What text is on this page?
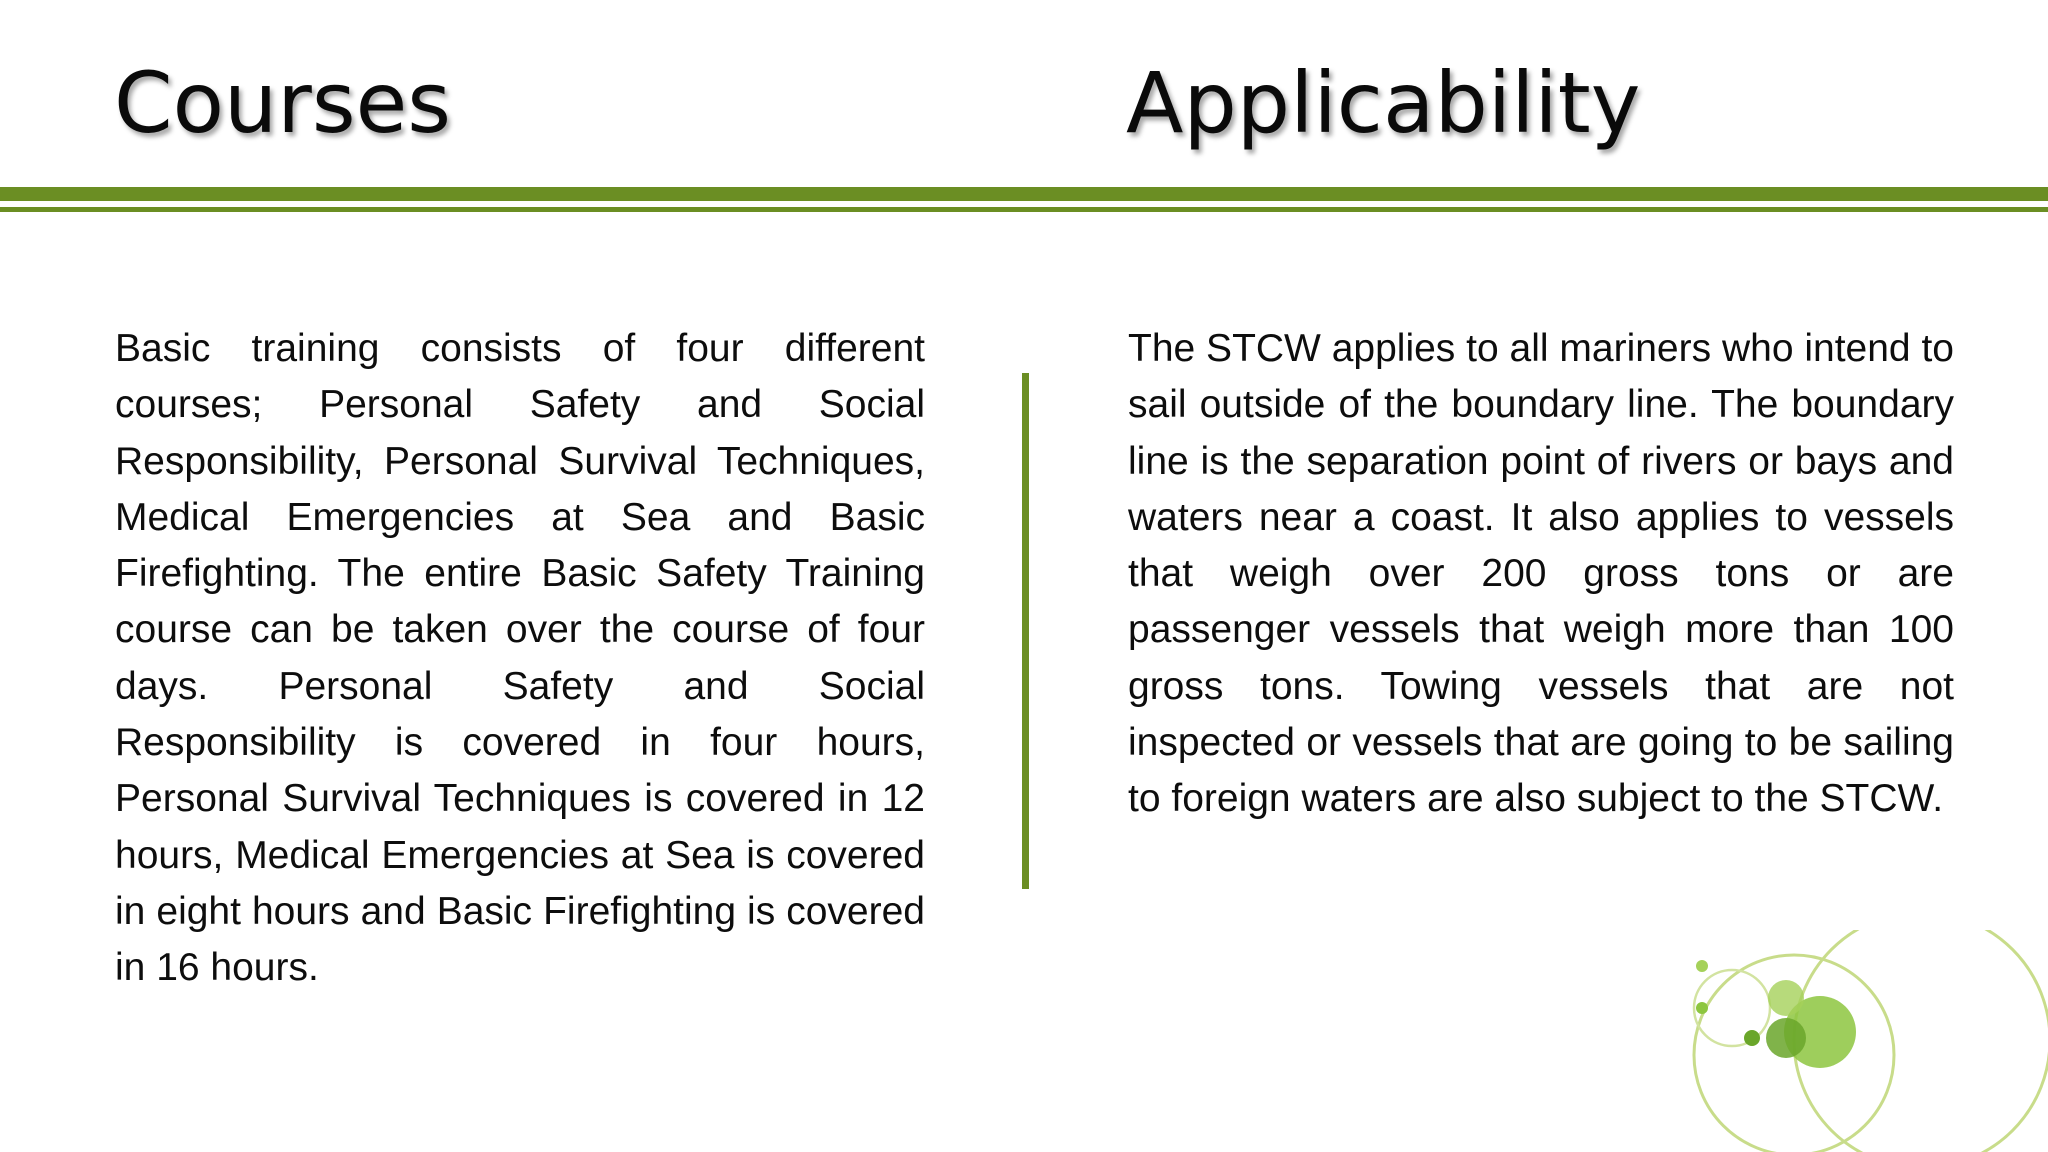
Courses	Applicability

Basic training consists of four different courses; Personal Safety and Social Responsibility, Personal Survival Techniques, Medical Emergencies at Sea and Basic Firefighting. The entire Basic Safety Training course can be taken over the course of four days. Personal Safety and Social Responsibility is covered in four hours, Personal Survival Techniques is covered in 12 hours, Medical Emergencies at Sea is covered in eight hours and Basic Firefighting is covered in 16 hours.

The STCW applies to all mariners who intend to sail outside of the boundary line. The boundary line is the separation point of rivers or bays and waters near a coast. It also applies to vessels that weigh over 200 gross tons or are passenger vessels that weigh more than 100 gross tons. Towing vessels that are not inspected or vessels that are going to be sailing to foreign waters are also subject to the STCW.
